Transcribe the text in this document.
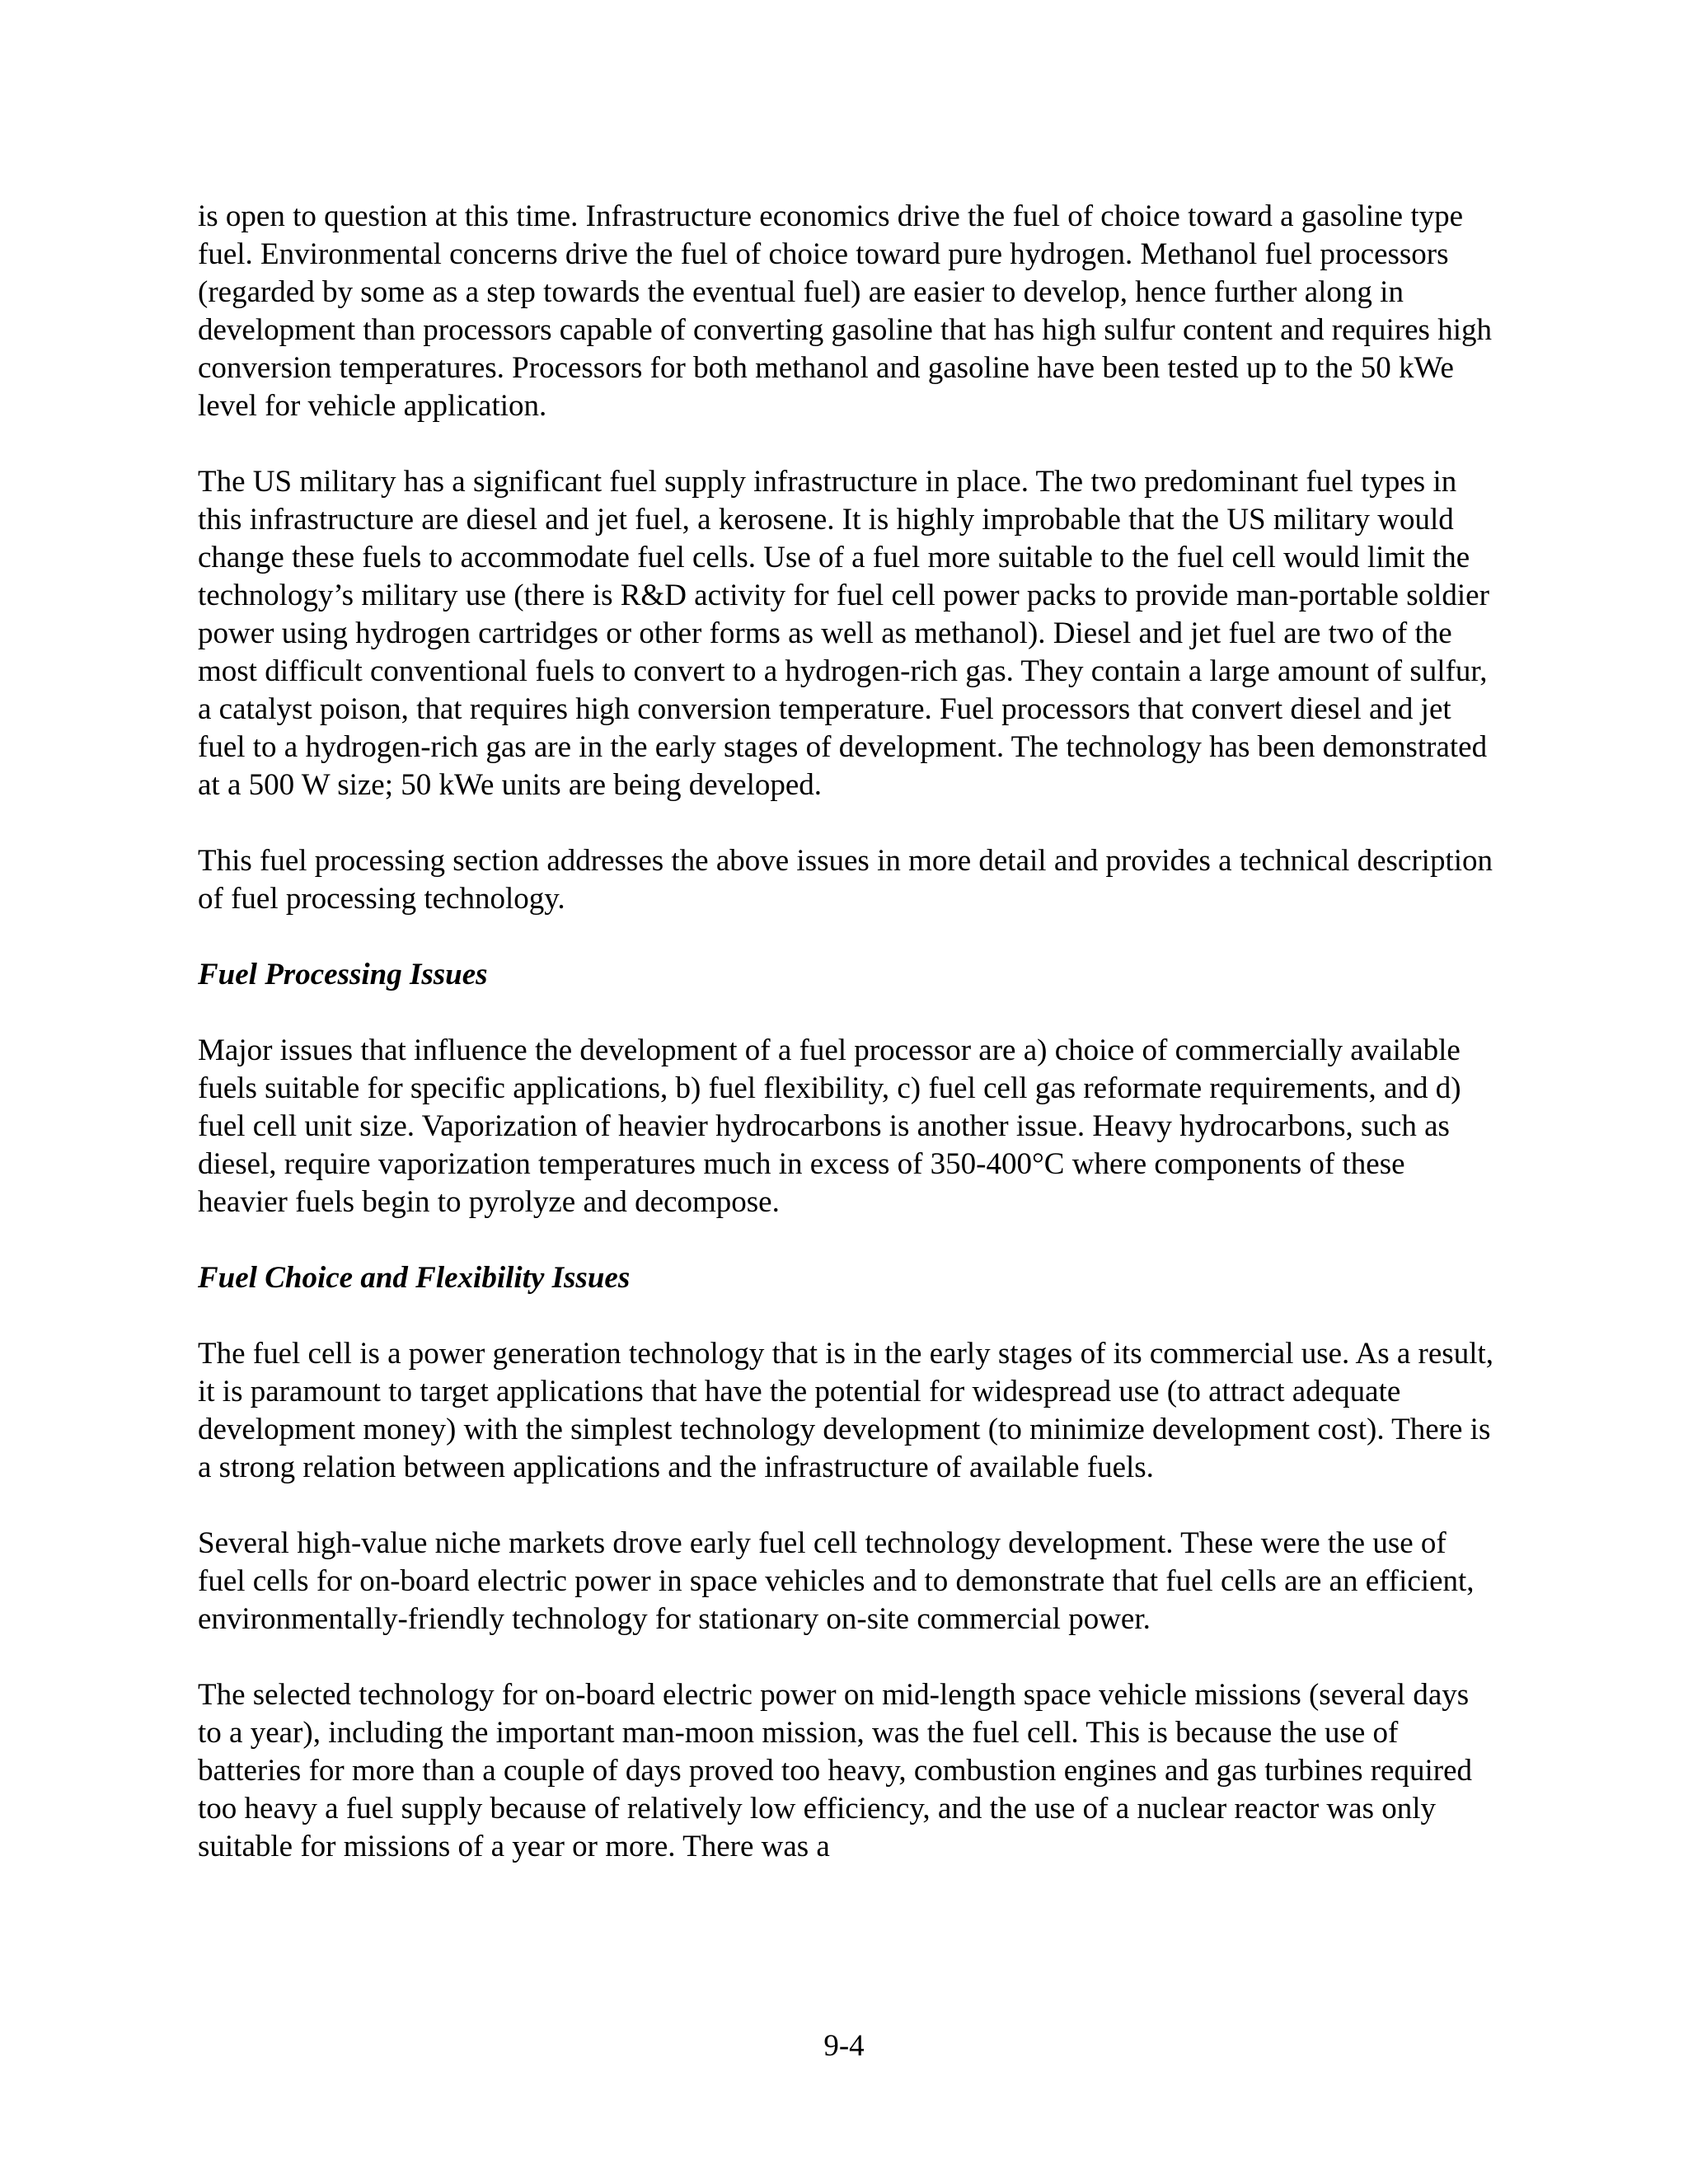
is open to question at this time. Infrastructure economics drive the fuel of choice toward a gasoline type fuel. Environmental concerns drive the fuel of choice toward pure hydrogen. Methanol fuel processors (regarded by some as a step towards the eventual fuel) are easier to develop, hence further along in development than processors capable of converting gasoline that has high sulfur content and requires high conversion temperatures. Processors for both methanol and gasoline have been tested up to the 50 kWe level for vehicle application.

The US military has a significant fuel supply infrastructure in place. The two predominant fuel types in this infrastructure are diesel and jet fuel, a kerosene. It is highly improbable that the US military would change these fuels to accommodate fuel cells. Use of a fuel more suitable to the fuel cell would limit the technology’s military use (there is R&D activity for fuel cell power packs to provide man-portable soldier power using hydrogen cartridges or other forms as well as methanol). Diesel and jet fuel are two of the most difficult conventional fuels to convert to a hydrogen-rich gas. They contain a large amount of sulfur, a catalyst poison, that requires high conversion temperature. Fuel processors that convert diesel and jet fuel to a hydrogen-rich gas are in the early stages of development. The technology has been demonstrated at a 500 W size; 50 kWe units are being developed.

This fuel processing section addresses the above issues in more detail and provides a technical description of fuel processing technology.

Fuel Processing Issues

Major issues that influence the development of a fuel processor are a) choice of commercially available fuels suitable for specific applications, b) fuel flexibility, c) fuel cell gas reformate requirements, and d) fuel cell unit size. Vaporization of heavier hydrocarbons is another issue. Heavy hydrocarbons, such as diesel, require vaporization temperatures much in excess of 350-400°C where components of these heavier fuels begin to pyrolyze and decompose.

Fuel Choice and Flexibility Issues

The fuel cell is a power generation technology that is in the early stages of its commercial use. As a result, it is paramount to target applications that have the potential for widespread use (to attract adequate development money) with the simplest technology development (to minimize development cost). There is a strong relation between applications and the infrastructure of available fuels.

Several high-value niche markets drove early fuel cell technology development. These were the use of fuel cells for on-board electric power in space vehicles and to demonstrate that fuel cells are an efficient, environmentally-friendly technology for stationary on-site commercial power.

The selected technology for on-board electric power on mid-length space vehicle missions (several days to a year), including the important man-moon mission, was the fuel cell. This is because the use of batteries for more than a couple of days proved too heavy, combustion engines and gas turbines required too heavy a fuel supply because of relatively low efficiency, and the use of a nuclear reactor was only suitable for missions of a year or more. There was a

9-4
